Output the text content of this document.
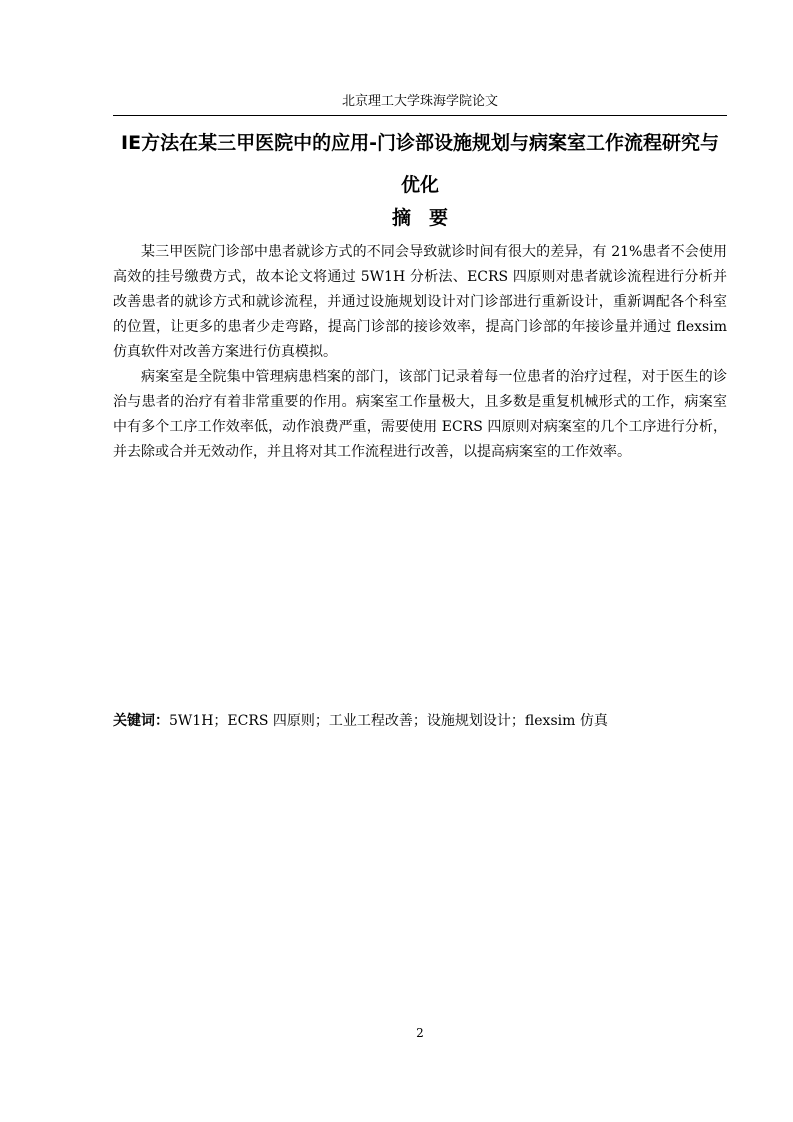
北京理工大学珠海学院论文
IE方法在某三甲医院中的应用-门诊部设施规划与病案室工作流程研究与优化
摘要

某三甲医院门诊部中患者就诊方式的不同会导致就诊时间有很大的差异，有 21%患者不会使用高效的挂号缴费方式，故本论文将通过 5W1H 分析法、ECRS 四原则对患者就诊流程进行分析并改善患者的就诊方式和就诊流程，并通过设施规划设计对门诊部进行重新设计，重新调配各个科室的位置，让更多的患者少走弯路，提高门诊部的接诊效率，提高门诊部的年接诊量并通过 flexsim 仿真软件对改善方案进行仿真模拟。

病案室是全院集中管理病患档案的部门，该部门记录着每一位患者的治疗过程，对于医生的诊治与患者的治疗有着非常重要的作用。病案室工作量极大，且多数是重复机械形式的工作，病案室中有多个工序工作效率低，动作浪费严重，需要使用 ECRS 四原则对病案室的几个工序进行分析，并去除或合并无效动作，并且将对其工作流程进行改善，以提高病案室的工作效率。

关键词：5W1H；ECRS 四原则；工业工程改善；设施规划设计；flexsim 仿真
2
